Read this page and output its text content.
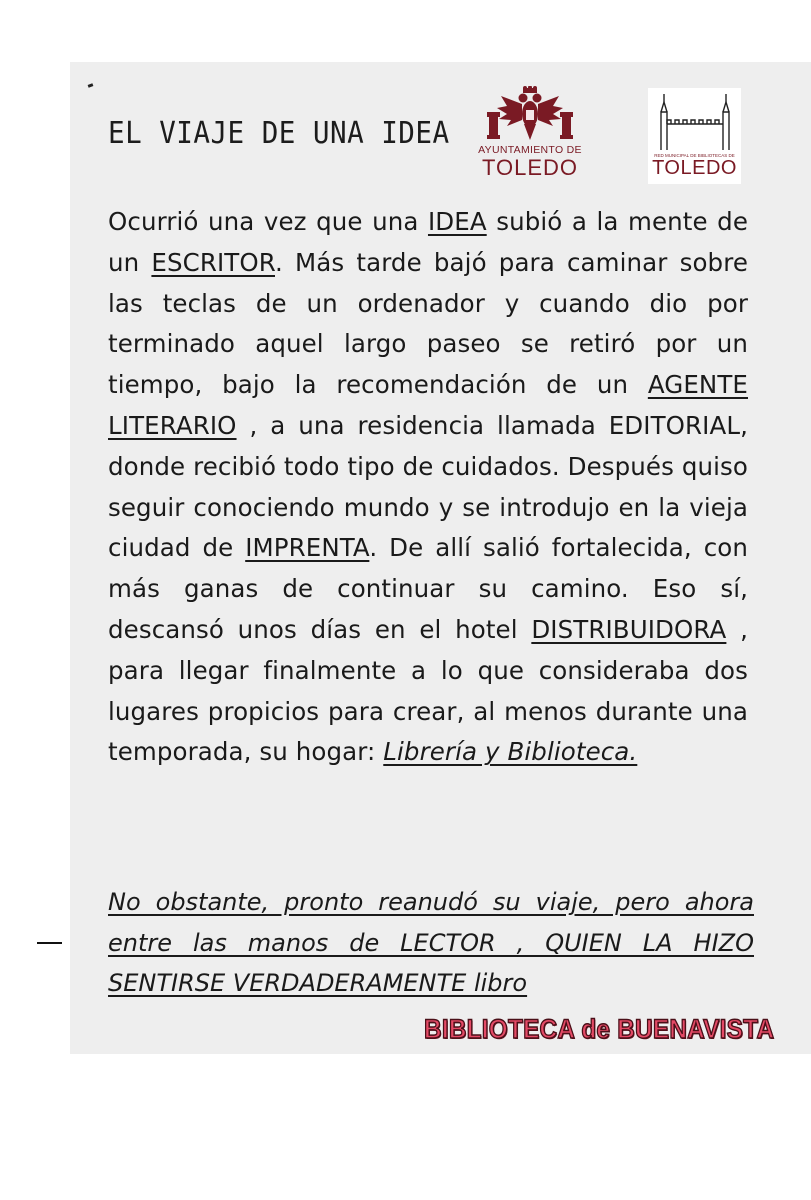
EL VIAJE DE UNA IDEA	AYUNTAMIENTO DE
TOLEDO	RED MUNICIPAL DE BIBLIOTECAS DE
TOLEDO
Ocurrió una vez que una IDEA subió a la mente de un ESCRITOR. Más tarde bajó para caminar sobre las teclas de un ordenador y cuando dio por terminado aquel largo paseo se retiró por un tiempo, bajo la recomendación de un AGENTE LITERARIO , a una residencia llamada EDITORIAL, donde recibió todo tipo de cuidados. Después quiso seguir conociendo mundo y se introdujo en la vieja ciudad de IMPRENTA. De allí salió fortalecida, con más ganas de continuar su camino. Eso sí, descansó unos días en el hotel DISTRIBUIDORA , para llegar finalmente a lo que consideraba dos lugares propicios para crear, al menos durante una temporada, su hogar: Librería y Biblioteca.
No obstante, pronto reanudó su viaje, pero ahora entre las manos de LECTOR , QUIEN LA HIZO SENTIRSE VERDADERAMENTE libro
BIBLIOTECA de BUENAVISTA
